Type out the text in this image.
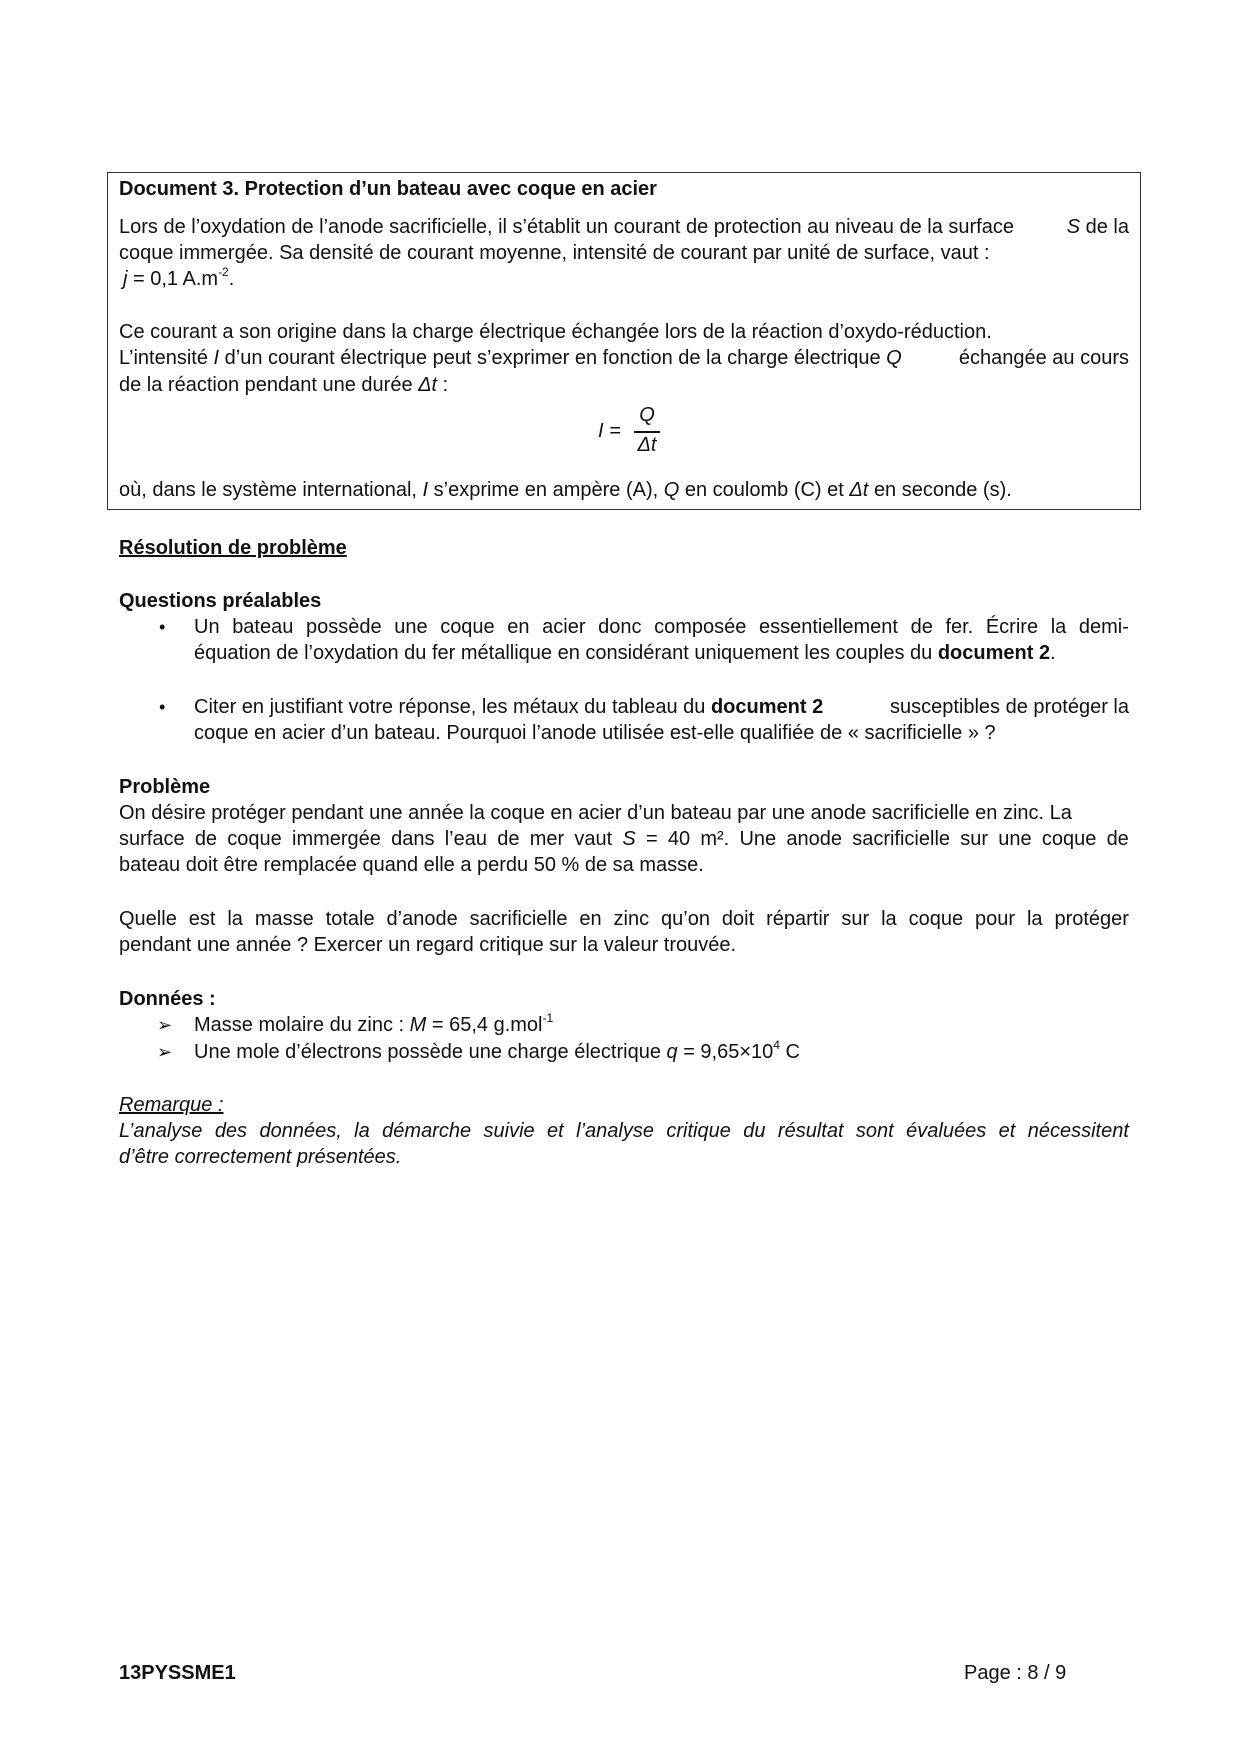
Document 3. Protection d’un bateau avec coque en acier
Lors de l’oxydation de l’anode sacrificielle, il s’établit un courant de protection au niveau de la surface	S de la
coque immergée. Sa densité de courant moyenne, intensité de courant par unité de surface, vaut :
j = 0,1 $A.m^{-2}$.
Ce courant a son origine dans la charge électrique échangée lors de la réaction d’oxydo-réduction.
L’intensité I d’un courant électrique peut s’exprimer en fonction de la charge électrique Q	échangée au cours
de la réaction pendant une durée Δt :
I =
Q
Δt
où, dans le système international, I s’exprime en ampère (A), Q en coulomb (C) et Δt en seconde (s).
Résolution de problème
Questions préalables
• Un bateau possède une coque en acier donc composée essentiellement de fer. Écrire la demi-
équation de l’oxydation du fer métallique en considérant uniquement les couples du document 2.
• Citer en justifiant votre réponse, les métaux du tableau du document 2	susceptibles de protéger la
coque en acier d’un bateau. Pourquoi l’anode utilisée est-elle qualifiée de « sacrificielle » ?
Problème
On désire protéger pendant une année la coque en acier d’un bateau par une anode sacrificielle en zinc. La
surface de coque immergée dans l’eau de mer vaut S = 40 m². Une anode sacrificielle sur une coque de
bateau doit être remplacée quand elle a perdu 50 % de sa masse.
Quelle est la masse totale d’anode sacrificielle en zinc qu’on doit répartir sur la coque pour la protéger
pendant une année ? Exercer un regard critique sur la valeur trouvée.
Données :
➢ Masse molaire du zinc : M = 65,4 g.mol$^{-1}$
➢ Une mole d’électrons possède une charge électrique $q = 9,65\times 10^4$ C
Remarque :
L’analyse des données, la démarche suivie et l’analyse critique du résultat sont évaluées et nécessitent
d’être correctement présentées.
13PYSSME1	Page : 8 / 9
